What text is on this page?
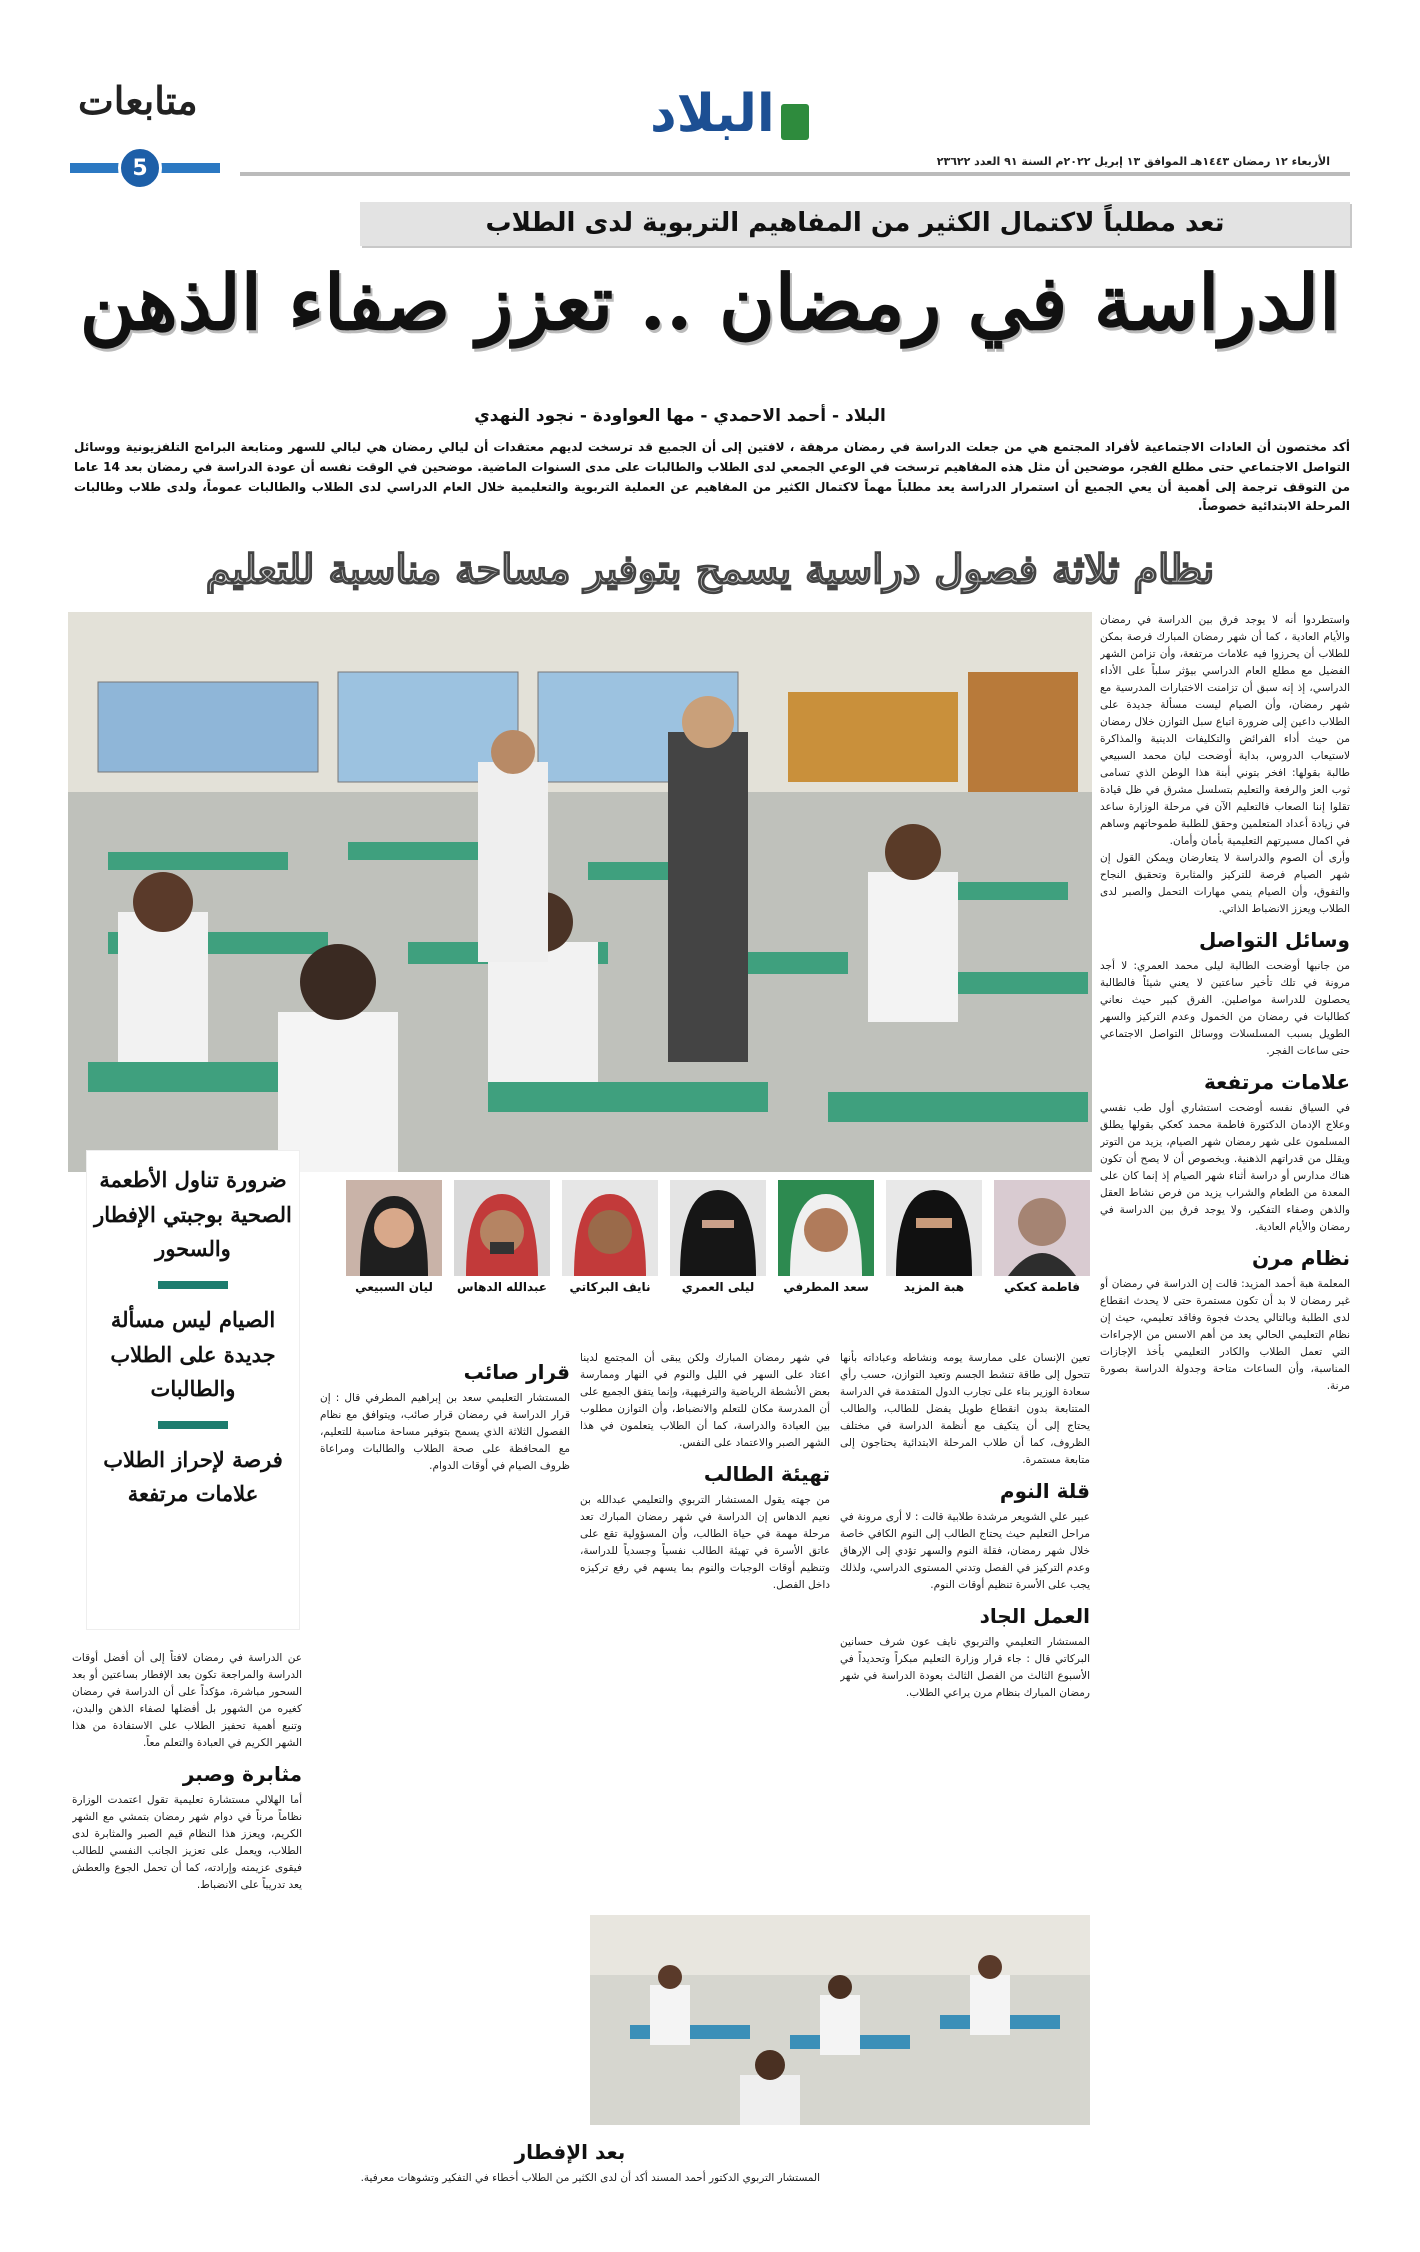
متابعات
5
البلاد
الأربعاء ١٢ رمضان ١٤٤٣هـ الموافق ١٣ إبريل ٢٠٢٢م السنة ٩١ العدد ٢٣٦٢٢
تعد مطلباً لاكتمال الكثير من المفاهيم التربوية لدى الطلاب
الدراسة في رمضان .. تعزز صفاء الذهن
البلاد - أحمد الاحمدي - مها العواودة - نجود النهدي
أكد مختصون أن العادات الاجتماعية لأفراد المجتمع هي من جعلت الدراسة في رمضان مرهقة ، لافتين إلى أن الجميع قد ترسخت لديهم معتقدات أن ليالي رمضان هي ليالي للسهر ومتابعة البرامج التلفزيونية ووسائل التواصل الاجتماعي حتى مطلع الفجر، موضحين أن مثل هذه المفاهيم ترسخت في الوعي الجمعي لدى الطلاب والطالبات على مدى السنوات الماضية. موضحين في الوقت نفسه أن عودة الدراسة في رمضان بعد 14 عاما من التوقف ترجمة إلى أهمية أن يعي الجميع أن استمرار الدراسة يعد مطلباً مهماً لاكتمال الكثير من المفاهيم عن العملية التربوية والتعليمية خلال العام الدراسي لدى الطلاب والطالبات عموماً، ولدى طلاب وطالبات المرحلة الابتدائية خصوصاً.
نظام ثلاثة فصول دراسية يسمح بتوفير مساحة مناسبة للتعليم
فاطمة كعكي
هبة المزيد
سعد المطرفي
ليلى العمري
نايف البركاتي
عبدالله الدهاس
ليان السبيعي
ضرورة تناول الأطعمة الصحية بوجبتي الإفطار والسحور
الصيام ليس مسألة جديدة على الطلاب والطالبات
فرصة لإحراز الطلاب علامات مرتفعة
واستطردوا أنه لا يوجد فرق بين الدراسة في رمضان والأيام العادية ، كما أن شهر رمضان المبارك فرصة بمكن للطلاب أن يحرزوا فيه علامات مرتفعة، وأن تزامن الشهر الفضيل مع مطلع العام الدراسي بيؤثر سلباً على الأداء الدراسي، إذ إنه سبق أن تزامنت الاختبارات المدرسية مع شهر رمضان، وأن الصيام ليست مسألة جديدة على الطلاب داعين إلى ضرورة اتباع سبل التوازن خلال رمضان من حيث أداء الفرائض والتكليفات الدينية والمذاكرة لاستيعاب الدروس، بداية أوضحت لبان محمد السبيعي طالبة بقولها: افخر بتوني أبنة هذا الوطن الذي تسامى ثوب العز والرفعة والتعليم بتسلسل مشرق في ظل قيادة تقلوا إننا الصعاب فالتعليم الآن في مرحلة الوزارة ساعد في زيادة أعداد المتعلمين وحقق للطلبة طموحاتهم وساهم في اكمال مسيرتهم التعليمية بأمان وأمان.
وأرى أن الصوم والدراسة لا يتعارضان ويمكن القول إن شهر الصيام فرصة للتركيز والمثابرة وتحقيق النجاح والتفوق، وأن الصيام ينمي مهارات التحمل والصبر لدى الطلاب ويعزز الانضباط الذاتي.
وسائل التواصل
من جانبها أوضحت الطالبة ليلى محمد العمري: لا أجد مرونة في تلك تأخير ساعتين لا يعني شيئاً فالطالبة يحصلون للدراسة مواصلين. الفرق كبير حيث نعاني كطالبات في رمضان من الخمول وعدم التركيز والسهر الطويل بسبب المسلسلات ووسائل التواصل الاجتماعي حتى ساعات الفجر.
علامات مرتفعة
في السياق نفسه أوضحت استشاري أول طب نفسي وعلاج الإدمان الدكتورة فاطمة محمد كعكي بقولها يطلق المسلمون على شهر رمضان شهر الصيام، يزيد من التوتر ويقلل من قدراتهم الذهنية. وبخصوص أن لا يصح أن تكون هناك مدارس أو دراسة أثناء شهر الصيام إذ إنما كان على المعدة من الطعام والشراب يزيد من فرص نشاط العقل والذهن وصفاء التفكير، ولا يوجد فرق بين الدراسة في رمضان والأيام العادية.
نظام مرن
المعلمة هبة أحمد المزيد: قالت إن الدراسة في رمضان أو غير رمضان لا بد أن تكون مستمرة حتى لا يحدث انقطاع لدى الطلبة وبالتالي يحدث فجوة وفاقد تعليمي، حيث إن نظام التعليمي الحالي يعد من أهم الاسس من الإجراءات التي تعمل الطلاب والكادر التعليمي بأخذ الإجازات المناسبة، وأن الساعات متاحة وجدولة الدراسة بصورة مرنة.
تعين الإنسان على ممارسة يومه ونشاطه وعباداته بأنها تتحول إلى طاقة تنشط الجسم وتعيد التوازن، حسب رأي سعادة الوزير بناء على تجارب الدول المتقدمة في الدراسة المتتابعة بدون انقطاع طويل يفضل للطالب، والطالب يحتاج إلى أن يتكيف مع أنظمة الدراسة في مختلف الظروف، كما أن طلاب المرحلة الابتدائية يحتاجون إلى متابعة مستمرة.
قلة النوم
عبير علي الشويعر مرشدة طلابية قالت : لا أرى مرونة في مراحل التعليم حيث يحتاج الطالب إلى النوم الكافي خاصة خلال شهر رمضان، فقلة النوم والسهر تؤدي إلى الإرهاق وعدم التركيز في الفصل وتدني المستوى الدراسي، ولذلك يجب على الأسرة تنظيم أوقات النوم.
العمل الجاد
المستشار التعليمي والتربوي نايف عون شرف حسانين البركاتي قال : جاء قرار وزارة التعليم مبكراً وتحديداً في الأسبوع الثالث من الفصل الثالث بعودة الدراسة في شهر رمضان المبارك بنظام مرن يراعي الطلاب.
في شهر رمضان المبارك ولكن يبقى أن المجتمع لدينا اعتاد على السهر في الليل والنوم في النهار وممارسة بعض الأنشطة الرياضية والترفيهية، وإنما يتفق الجميع على أن المدرسة مكان للتعلم والانضباط، وأن التوازن مطلوب بين العبادة والدراسة، كما أن الطلاب يتعلمون في هذا الشهر الصبر والاعتماد على النفس.
تهيئة الطالب
من جهته يقول المستشار التربوي والتعليمي عبدالله بن نعيم الدهاس إن الدراسة في شهر رمضان المبارك تعد مرحلة مهمة في حياة الطالب، وأن المسؤولية تقع على عاتق الأسرة في تهيئة الطالب نفسياً وجسدياً للدراسة، وتنظيم أوقات الوجبات والنوم بما يسهم في رفع تركيزه داخل الفصل.
قرار صائب
المستشار التعليمي سعد بن إبراهيم المطرفي قال : إن قرار الدراسة في رمضان قرار صائب، ويتوافق مع نظام الفصول الثلاثة الذي يسمح بتوفير مساحة مناسبة للتعليم، مع المحافظة على صحة الطلاب والطالبات ومراعاة ظروف الصيام في أوقات الدوام.
عن الدراسة في رمضان لافتاً إلى أن أفضل أوقات الدراسة والمراجعة تكون بعد الإفطار بساعتين أو بعد السحور مباشرة، مؤكداً على أن الدراسة في رمضان كغيره من الشهور بل أفضلها لصفاء الذهن والبدن، وتنبع أهمية تحفيز الطلاب على الاستفادة من هذا الشهر الكريم في العبادة والتعلم معاً.
مثابرة وصبر
أما الهلالي مستشارة تعليمية تقول اعتمدت الوزارة نظاماً مرناً في دوام شهر رمضان بتمشي مع الشهر الكريم، ويعزز هذا النظام قيم الصبر والمثابرة لدى الطلاب، ويعمل على تعزيز الجانب النفسي للطالب فيقوى عزيمته وإرادته، كما أن تحمل الجوع والعطش يعد تدريباً على الانضباط.
بعد الإفطار
المستشار التربوي الدكتور أحمد المسند أكد أن لدى الكثير من الطلاب أخطاء في التفكير وتشوهات معرفية.
